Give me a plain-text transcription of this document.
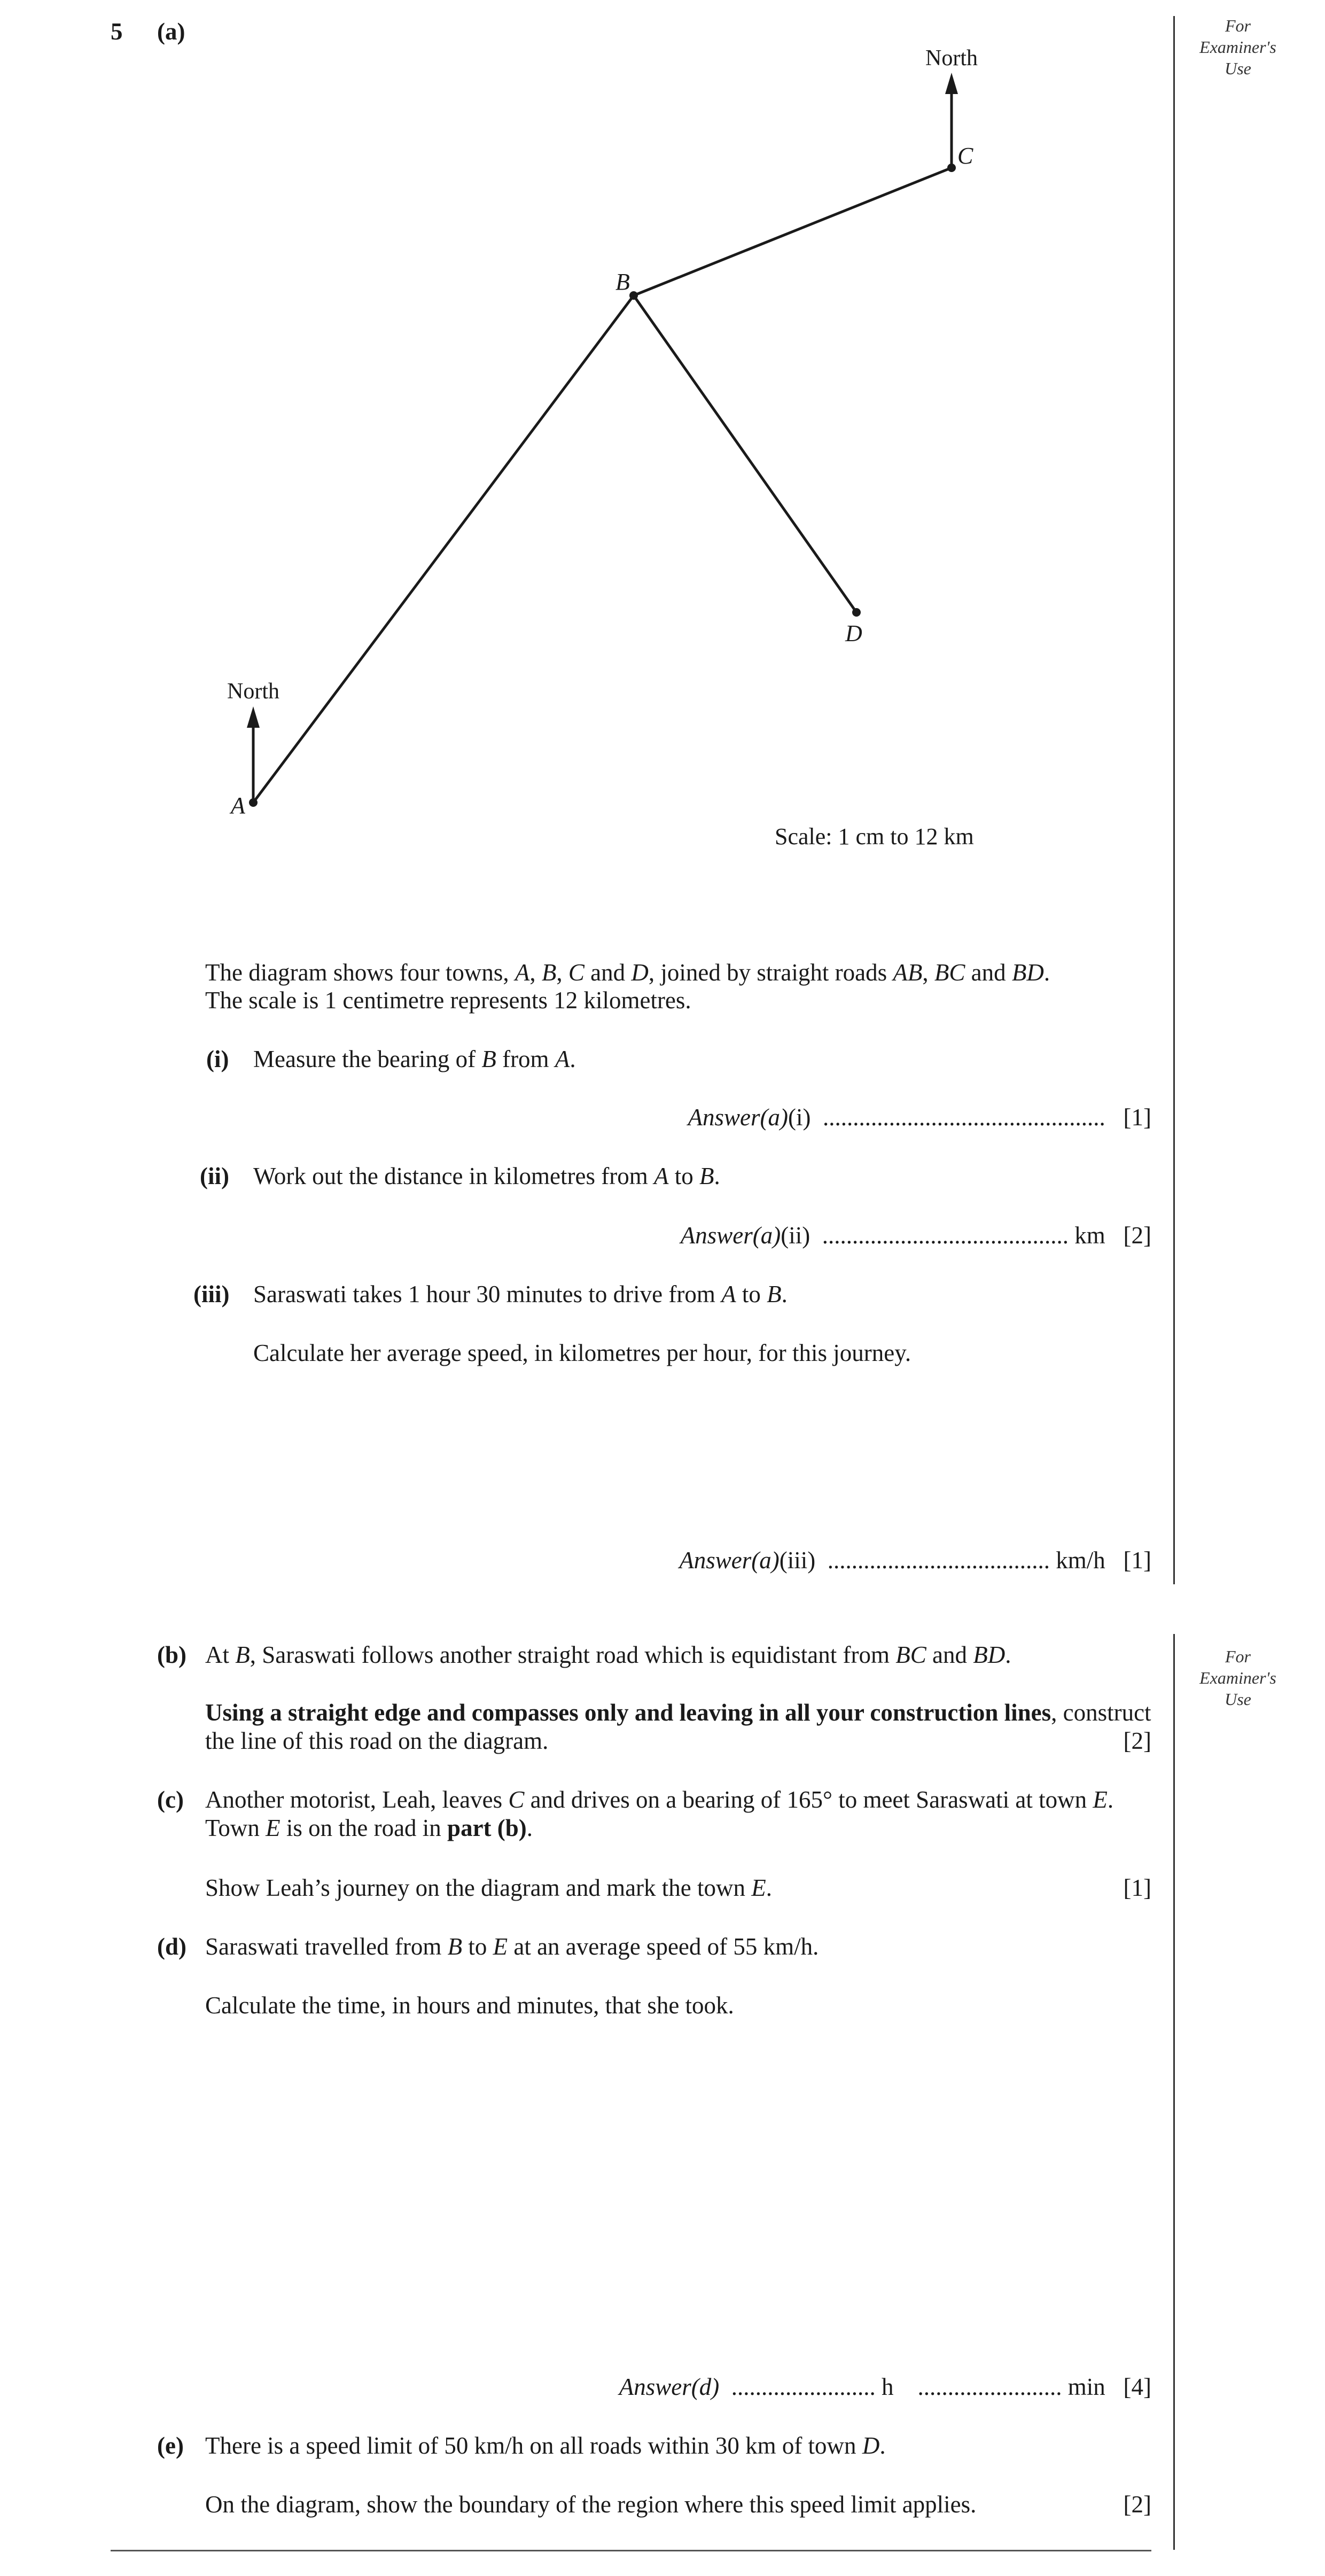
For
Examiner's
Use
For
Examiner's
Use
5 (a)
North
North
A
B
C
D
Scale: 1 cm to 12 km
The diagram shows four towns, A, B, C and D, joined by straight roads AB, BC and BD.
The scale is 1 centimetre represents 12 kilometres.
(i) Measure the bearing of B from A.
Answer(a)(i) ............................................... [1]
(ii) Work out the distance in kilometres from A to B.
Answer(a)(ii) ......................................... km [2]
(iii) Saraswati takes 1 hour 30 minutes to drive from A to B.
Calculate her average speed, in kilometres per hour, for this journey.
Answer(a)(iii) ..................................... km/h [1]
(b) At B, Saraswati follows another straight road which is equidistant from BC and BD.
Using a straight edge and compasses only and leaving in all your construction lines, construct
the line of this road on the diagram.	[2]
(c) Another motorist, Leah, leaves C and drives on a bearing of 165° to meet Saraswati at town E.
Town E is on the road in part (b).
Show Leah’s journey on the diagram and mark the town E.	[1]
(d) Saraswati travelled from B to E at an average speed of 55 km/h.
Calculate the time, in hours and minutes, that she took.
Answer(d) ........................ h ........................ min [4]
(e) There is a speed limit of 50 km/h on all roads within 30 km of town D.
On the diagram, show the boundary of the region where this speed limit applies.	[2]
